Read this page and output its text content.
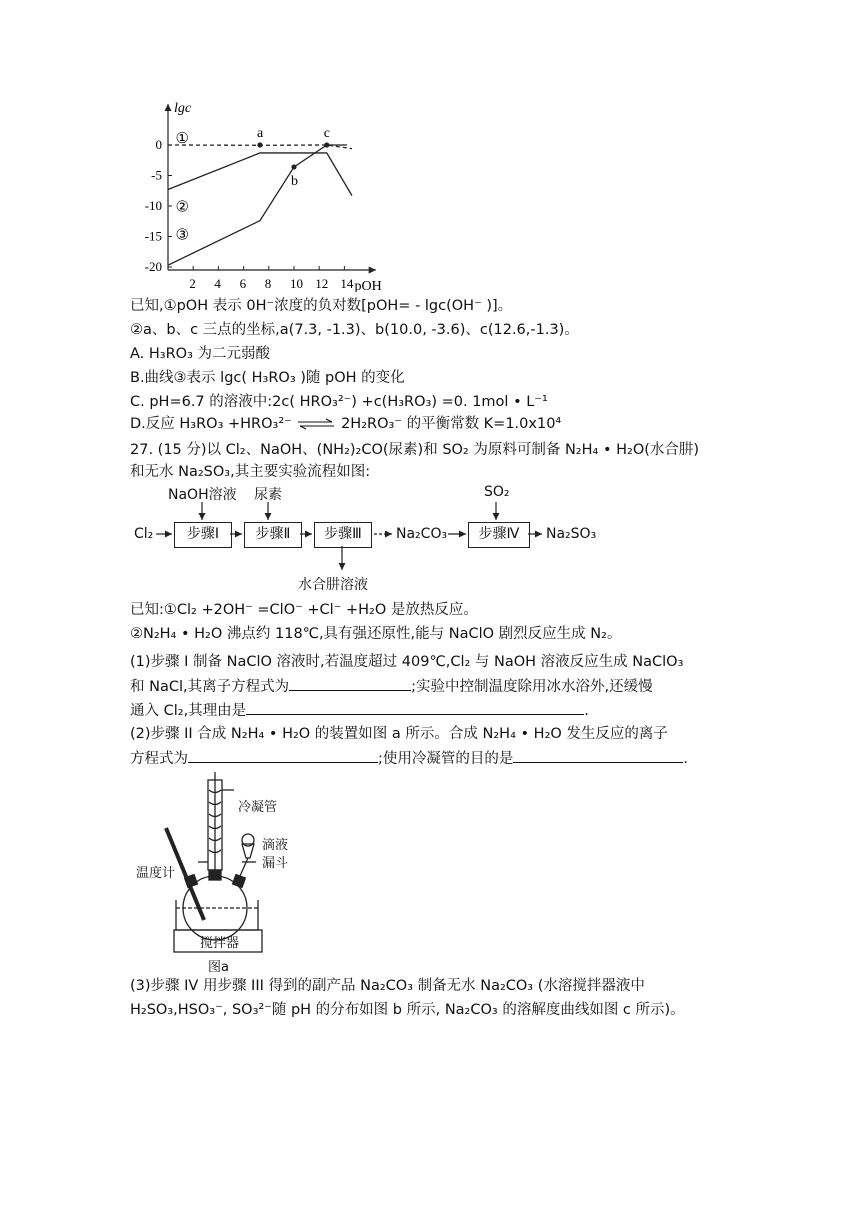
lgc
pOH
2 4 6 8 10 12 14
0
-5
-10
-15
-20
①
②
③
a
b
c
已知,①pOH 表示 0H⁻浓度的负对数[pOH= - lgc(OH⁻ )]。
②a、b、c 三点的坐标,a(7.3, -1.3)、b(10.0, -3.6)、c(12.6,-1.3)。
A. H₃RO₃ 为二元弱酸
B.曲线③表示 lgc( H₃RO₃ )随 pOH 的变化
C. pH=6.7 的溶液中:2c( HRO₃²⁻) +c(H₃RO₃) =0. 1mol • L⁻¹
D.反应 H₃RO₃ +HRO₃²⁻ ⇌ 2H₂RO₃⁻ 的平衡常数 K=1.0x10⁴
27. (15 分)以 Cl₂、NaOH、(NH₂)₂CO(尿素)和 SO₂ 为原料可制备 N₂H₄ • H₂O(水合肼)
和无水 Na₂SO₃,其主要实验流程如图:
NaOH溶液 尿素	SO₂
Cl₂	步骤Ⅰ	步骤Ⅱ	步骤Ⅲ	Na₂CO₃	步骤Ⅳ	Na₂SO₃
水合肼溶液
已知:①Cl₂ +2OH⁻ =ClO⁻ +Cl⁻ +H₂O 是放热反应。
②N₂H₄ • H₂O 沸点约 118℃,具有强还原性,能与 NaClO 剧烈反应生成 N₂。
(1)步骤 I 制备 NaClO 溶液时,若温度超过 409℃,Cl₂ 与 NaOH 溶液反应生成 NaClO₃
和 NaCl,其离子方程式为	;实验中控制温度除用冰水浴外,还缓慢
通入 Cl₂,其理由是	.
(2)步骤 II 合成 N₂H₄ • H₂O 的装置如图 a 所示。合成 N₂H₄ • H₂O 发生反应的离子
方程式为	;使用冷凝管的目的是	.
冷凝管
滴液
漏斗
温度计
搅拌器
图a
(3)步骤 IV 用步骤 III 得到的副产品 Na₂CO₃ 制备无水 Na₂CO₃ (水溶搅拌器液中
H₂SO₃,HSO₃⁻, SO₃²⁻随 pH 的分布如图 b 所示, Na₂CO₃ 的溶解度曲线如图 c 所示)。
